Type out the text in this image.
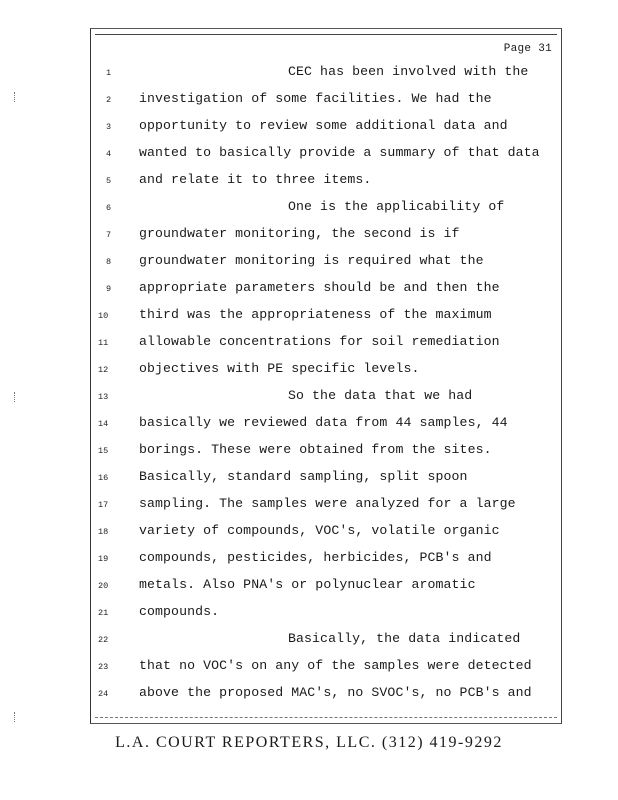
Page 31
1	CEC has been involved with the
2	investigation of some facilities. We had the
3	opportunity to review some additional data and
4	wanted to basically provide a summary of that data
5	and relate it to three items.
6	One is the applicability of
7	groundwater monitoring, the second is if
8	groundwater monitoring is required what the
9	appropriate parameters should be and then the
10	third was the appropriateness of the maximum
11	allowable concentrations for soil remediation
12	objectives with PE specific levels.
13	So the data that we had
14	basically we reviewed data from 44 samples, 44
15	borings. These were obtained from the sites.
16	Basically, standard sampling, split spoon
17	sampling. The samples were analyzed for a large
18	variety of compounds, VOC's, volatile organic
19	compounds, pesticides, herbicides, PCB's and
20	metals. Also PNA's or polynuclear aromatic
21	compounds.
22	Basically, the data indicated
23	that no VOC's on any of the samples were detected
24	above the proposed MAC's, no SVOC's, no PCB's and
L.A. COURT REPORTERS, LLC. (312) 419-9292
